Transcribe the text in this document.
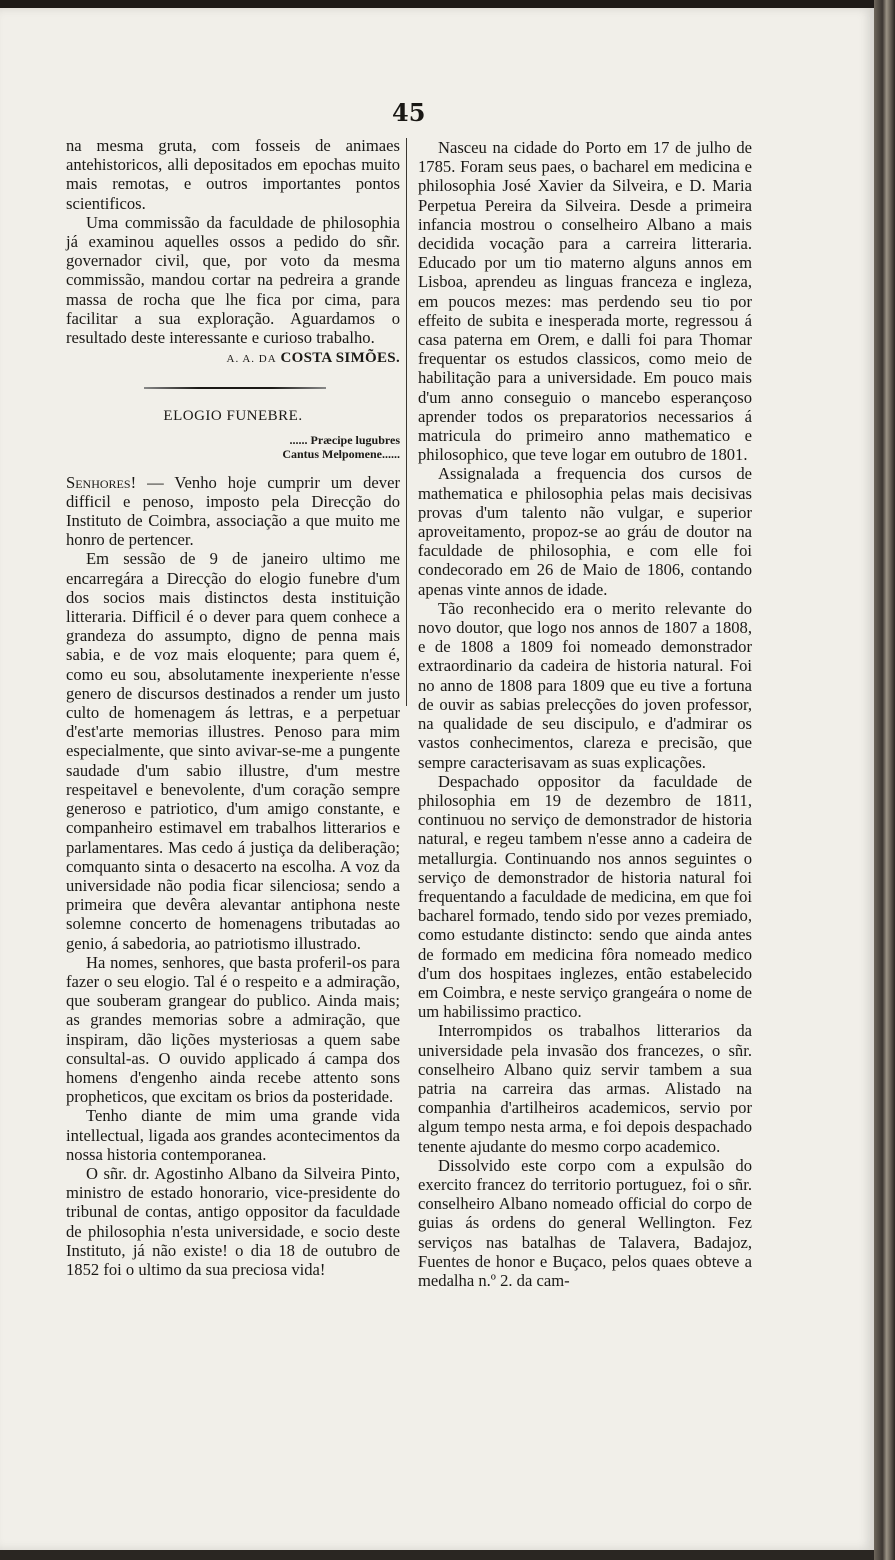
45

na mesma gruta, com fosseis de animaes antehistoricos, alli depositados em epochas muito mais remotas, e outros importantes pontos scientificos.

Uma commissão da faculdade de philosophia já examinou aquelles ossos a pedido do sñr. governador civil, que, por voto da mesma commissão, mandou cortar na pedreira a grande massa de rocha que lhe fica por cima, para facilitar a sua exploração. Aguardamos o resultado deste interessante e curioso trabalho.

A. A. DA COSTA SIMÕES.
ELOGIO FUNEBRE.
...... Præcipe lugubres
Cantus Melpomene......

Senhores! — Venho hoje cumprir um dever difficil e penoso, imposto pela Direcção do Instituto de Coimbra, associação a que muito me honro de pertencer.

Em sessão de 9 de janeiro ultimo me encarregára a Direcção do elogio funebre d'um dos socios mais distinctos desta instituição litteraria. Difficil é o dever para quem conhece a grandeza do assumpto, digno de penna mais sabia, e de voz mais eloquente; para quem é, como eu sou, absolutamente inexperiente n'esse genero de discursos destinados a render um justo culto de homenagem ás lettras, e a perpetuar d'est'arte memorias illustres. Penoso para mim especialmente, que sinto avivar-se-me a pungente saudade d'um sabio illustre, d'um mestre respeitavel e benevolente, d'um coração sempre generoso e patriotico, d'um amigo constante, e companheiro estimavel em trabalhos litterarios e parlamentares. Mas cedo á justiça da deliberação; comquanto sinta o desacerto na escolha. A voz da universidade não podia ficar silenciosa; sendo a primeira que devêra alevantar antiphona neste solemne concerto de homenagens tributadas ao genio, á sabedoria, ao patriotismo illustrado.

Ha nomes, senhores, que basta proferil-os para fazer o seu elogio. Tal é o respeito e a admiração, que souberam grangear do publico. Ainda mais; as grandes memorias sobre a admiração, que inspiram, dão lições mysteriosas a quem sabe consultal-as. O ouvido applicado á campa dos homens d'engenho ainda recebe attento sons propheticos, que excitam os brios da posteridade.

Tenho diante de mim uma grande vida intellectual, ligada aos grandes acontecimentos da nossa historia contemporanea.

O sñr. dr. Agostinho Albano da Silveira Pinto, ministro de estado honorario, vice-presidente do tribunal de contas, antigo oppositor da faculdade de philosophia n'esta universidade, e socio deste Instituto, já não existe! o dia 18 de outubro de 1852 foi o ultimo da sua preciosa vida!

Nasceu na cidade do Porto em 17 de julho de 1785. Foram seus paes, o bacharel em medicina e philosophia José Xavier da Silveira, e D. Maria Perpetua Pereira da Silveira. Desde a primeira infancia mostrou o conselheiro Albano a mais decidida vocação para a carreira litteraria. Educado por um tio materno alguns annos em Lisboa, aprendeu as linguas franceza e ingleza, em poucos mezes: mas perdendo seu tio por effeito de subita e inesperada morte, regressou á casa paterna em Orem, e dalli foi para Thomar frequentar os estudos classicos, como meio de habilitação para a universidade. Em pouco mais d'um anno conseguio o mancebo esperançoso aprender todos os preparatorios necessarios á matricula do primeiro anno mathematico e philosophico, que teve logar em outubro de 1801.

Assignalada a frequencia dos cursos de mathematica e philosophia pelas mais decisivas provas d'um talento não vulgar, e superior aproveitamento, propoz-se ao gráu de doutor na faculdade de philosophia, e com elle foi condecorado em 26 de Maio de 1806, contando apenas vinte annos de idade.

Tão reconhecido era o merito relevante do novo doutor, que logo nos annos de 1807 a 1808, e de 1808 a 1809 foi nomeado demonstrador extraordinario da cadeira de historia natural. Foi no anno de 1808 para 1809 que eu tive a fortuna de ouvir as sabias prelecções do joven professor, na qualidade de seu discipulo, e d'admirar os vastos conhecimentos, clareza e precisão, que sempre caracterisavam as suas explicações.

Despachado oppositor da faculdade de philosophia em 19 de dezembro de 1811, continuou no serviço de demonstrador de historia natural, e regeu tambem n'esse anno a cadeira de metallurgia. Continuando nos annos seguintes o serviço de demonstrador de historia natural foi frequentando a faculdade de medicina, em que foi bacharel formado, tendo sido por vezes premiado, como estudante distincto: sendo que ainda antes de formado em medicina fôra nomeado medico d'um dos hospitaes inglezes, então estabelecido em Coimbra, e neste serviço grangeára o nome de um habilissimo practico.

Interrompidos os trabalhos litterarios da universidade pela invasão dos francezes, o sñr. conselheiro Albano quiz servir tambem a sua patria na carreira das armas. Alistado na companhia d'artilheiros academicos, servio por algum tempo nesta arma, e foi depois despachado tenente ajudante do mesmo corpo academico.

Dissolvido este corpo com a expulsão do exercito francez do territorio portuguez, foi o sñr. conselheiro Albano nomeado official do corpo de guias ás ordens do general Wellington. Fez serviços nas batalhas de Talavera, Badajoz, Fuentes de honor e Buçaco, pelos quaes obteve a medalha n.º 2. da cam-
